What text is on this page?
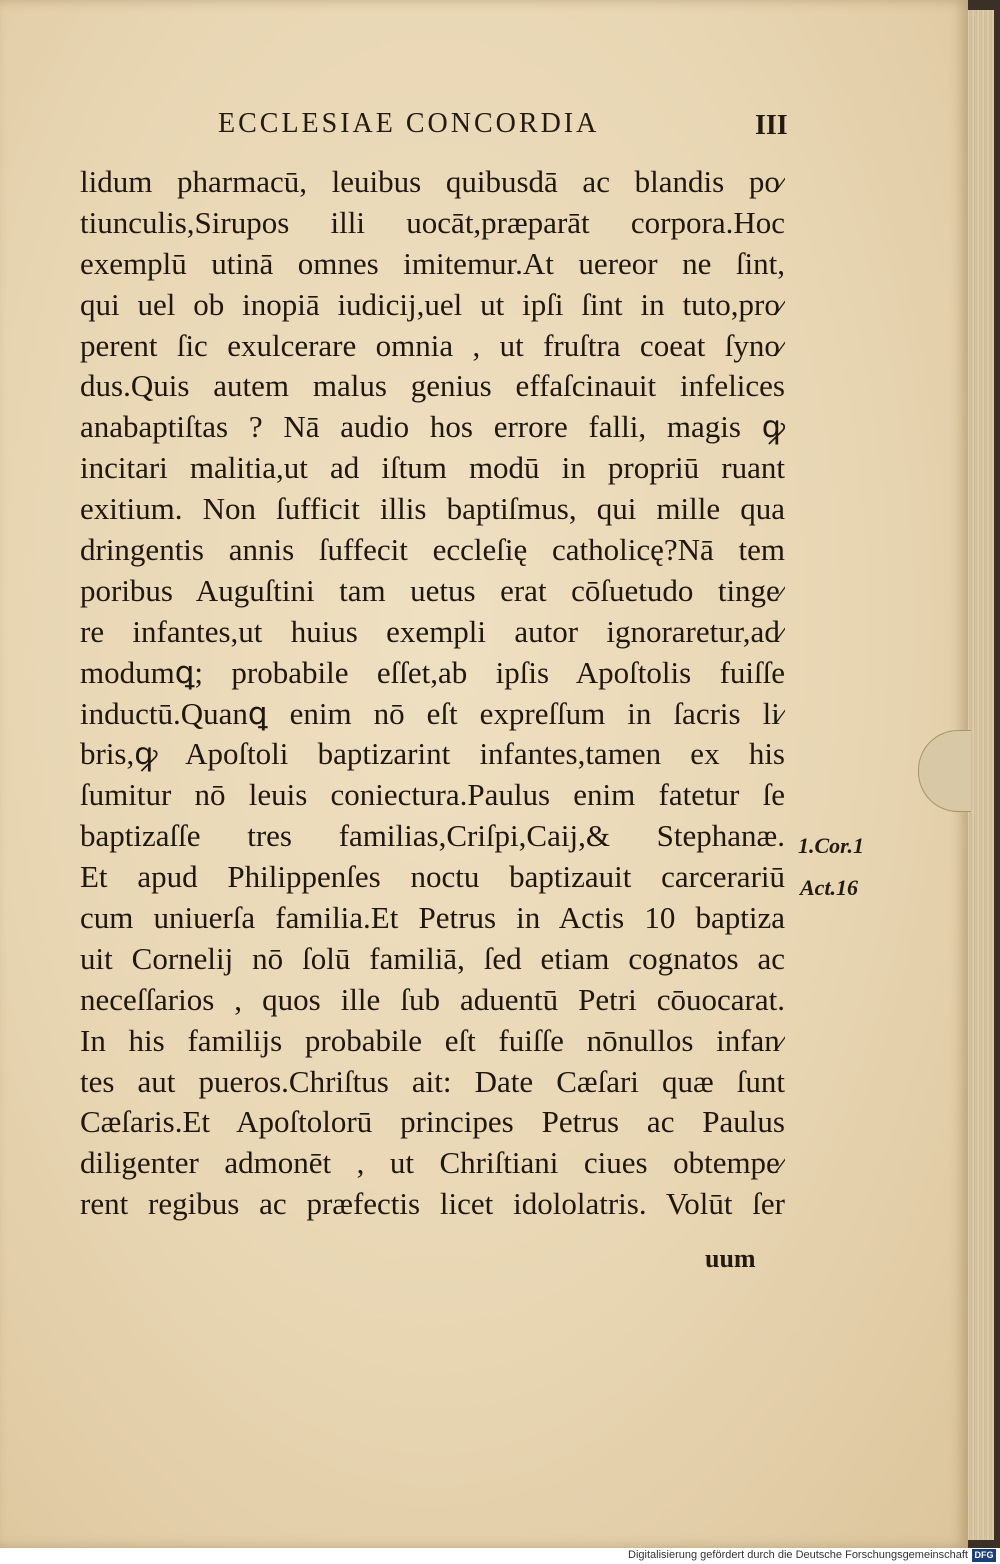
ECCLESIAE CONCORDIA	III
lidum pharmacū, leuibus quibusdā ac blandis po⁄
tiunculis,Sirupos illi uocāt,præparāt corpora.Hoc
exemplū utinā omnes imitemur.At uereor ne ſint,
qui uel ob inopiā iudicij,uel ut ipſi ſint in tuto,pro⁄
perent ſic exulcerare omnia , ut fruſtra coeat ſyno⁄
dus.Quis autem malus genius effaſcinauit infelices
anabaptiſtas ? Nā audio hos errore falli, magis ꝙ
incitari malitia,ut ad iſtum modū in propriū ruant
exitium. Non ſufficit illis baptiſmus, qui mille qua
dringentis annis ſuffecit eccleſię catholicę?Nā tem
poribus Auguſtini tam uetus erat cōſuetudo tinge⁄
re infantes,ut huius exempli autor ignoraretur,ad⁄
modumꝗ; probabile eſſet,ab ipſis Apoſtolis fuiſſe
inductū.Quanꝗ enim nō eſt expreſſum in ſacris li⁄
bris,ꝙ Apoſtoli baptizarint infantes,tamen ex his
ſumitur nō leuis coniectura.Paulus enim fatetur ſe
baptizaſſe tres familias,Criſpi,Caij,& Stephanæ.
Et apud Philippenſes noctu baptizauit carcerariū
cum uniuerſa familia.Et Petrus in Actis 10 baptiza
uit Cornelij nō ſolū familiā, ſed etiam cognatos ac
neceſſarios , quos ille ſub aduentū Petri cōuocarat.
In his familijs probabile eſt fuiſſe nōnullos infan⁄
tes aut pueros.Chriſtus ait: Date Cæſari quæ ſunt
Cæſaris.Et Apoſtolorū principes Petrus ac Paulus
diligenter admonēt , ut Chriſtiani ciues obtempe⁄
rent regibus ac præfectis licet idololatris. Volūt ſer
uum
1.Cor.1
Act.16
Digitalisierung gefördert durch die Deutsche Forschungsgemeinschaft DFG
